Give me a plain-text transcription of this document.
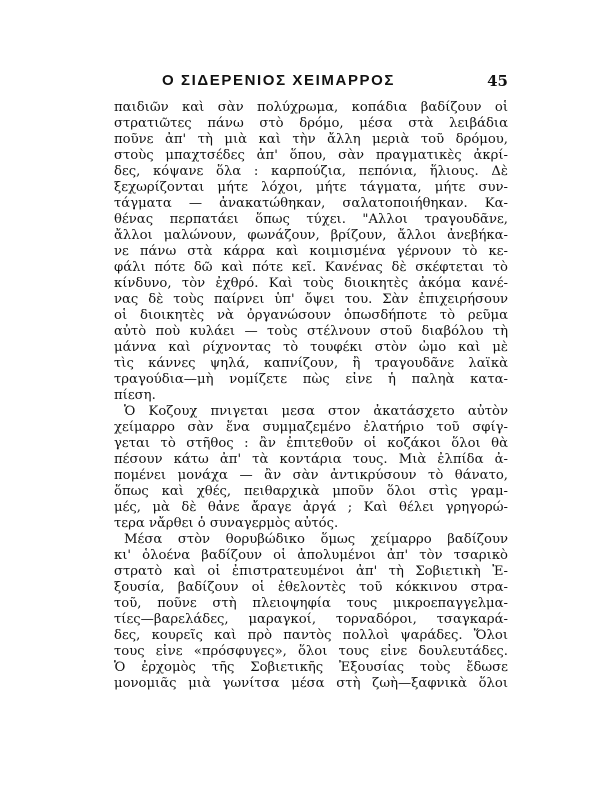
Ο ΣΙΔΕΡΕΝΙΟΣ ΧΕΙΜΑΡΡΟΣ	45
παιδιῶν καὶ σὰν πολύχρωμα, κοπάδια βαδίζουν οἱ
στρατιῶτες πάνω στὸ δρόμο, μέσα στὰ λειβάδια
ποῦνε ἀπ' τὴ μιὰ καὶ τὴν ἄλλη μεριὰ τοῦ δρόμου,
στοὺς μπαχτσέδες ἀπ' ὅπου, σὰν πραγματικὲς ἀκρί-
δες, κόψανε ὅλα : καρπούζια, πεπόνια, ἥλιους. Δὲ
ξεχωρίζονται μήτε λόχοι, μήτε τάγματα, μήτε συν-
τάγματα — ἀνακατώθηκαν, σαλατοποιήθηκαν. Κα-
θένας περπατάει ὅπως τύχει. "Αλλοι τραγουδᾶνε,
ἄλλοι μαλώνουν, φωνάζουν, βρίζουν, ἄλλοι ἀνεβήκα-
νε πάνω στὰ κάρρα καὶ κοιμισμένα γέρνουν τὸ κε-
φάλι πότε δῶ καὶ πότε κεῖ. Κανένας δὲ σκέφτεται τὸ
κίνδυνο, τὸν ἐχθρό. Καὶ τοὺς διοικητὲς ἀκόμα κανέ-
νας δὲ τοὺς παίρνει ὑπ' ὄψει του. Σὰν ἐπιχειρήσουν
οἱ διοικητὲς νὰ ὀργανώσουν ὁπωσδήποτε τὸ ρεῦμα
αὐτὸ ποὺ κυλάει — τοὺς στέλνουν στοῦ διαβόλου τὴ
μάννα καὶ ρίχνοντας τὸ τουφέκι στὸν ὦμο καὶ μὲ
τὶς κάννες ψηλά, καπνίζουν, ἢ τραγουδᾶνε λαϊκὰ
τραγούδια—μὴ νομίζετε πὼς εἶνε ἡ παληὰ κατα-
πίεση.
Ὁ Κοζουχ πνιγεται μεσα στον ἀκατάσχετο αὐτὸν
χείμαρρο σὰν ἕνα συμμαζεμένο ἐλατήριο τοῦ σφίγ-
γεται τὸ στῆθος : ἂν ἐπιτεθοῦν οἱ κοζάκοι ὅλοι θὰ
πέσουν κάτω ἀπ' τὰ κοντάρια τους. Μιὰ ἐλπίδα ἀ-
πομένει μονάχα — ἂν σὰν ἀντικρύσουν τὸ θάνατο,
ὅπως καὶ χθές, πειθαρχικὰ μποῦν ὅλοι στὶς γραμ-
μές, μὰ δὲ θἆνε ἄραγε ἀργά ; Καὶ θέλει γρηγορώ-
τερα νἄρθει ὁ συναγερμὸς αὐτός.
Μέσα στὸν θορυβώδικο ὅμως χείμαρρο βαδίζουν
κι' ὁλοένα βαδίζουν οἱ ἀπολυμένοι ἀπ' τὸν τσαρικὸ
στρατὸ καὶ οἱ ἐπιστρατευμένοι ἀπ' τὴ Σοβιετικὴ Ἐ-
ξουσία, βαδίζουν οἱ ἐθελοντὲς τοῦ κόκκινου στρα-
τοῦ, ποῦνε στὴ πλειοψηφία τους μικροεπαγγελμα-
τίες—βαρελάδες, μαραγκοί, τορναδόροι, τσαγκαρά-
δες, κουρεῖς καὶ πρὸ παντὸς πολλοὶ ψαράδες. Ὅλοι
τους εἶνε «πρόσφυγες», ὅλοι τους εἶνε δουλευτάδες.
Ὁ ἐρχομὸς τῆς Σοβιετικῆς Ἐξουσίας τοὺς ἔδωσε
μονομιᾶς μιὰ γωνίτσα μέσα στὴ ζωὴ—ξαφνικὰ ὅλοι
